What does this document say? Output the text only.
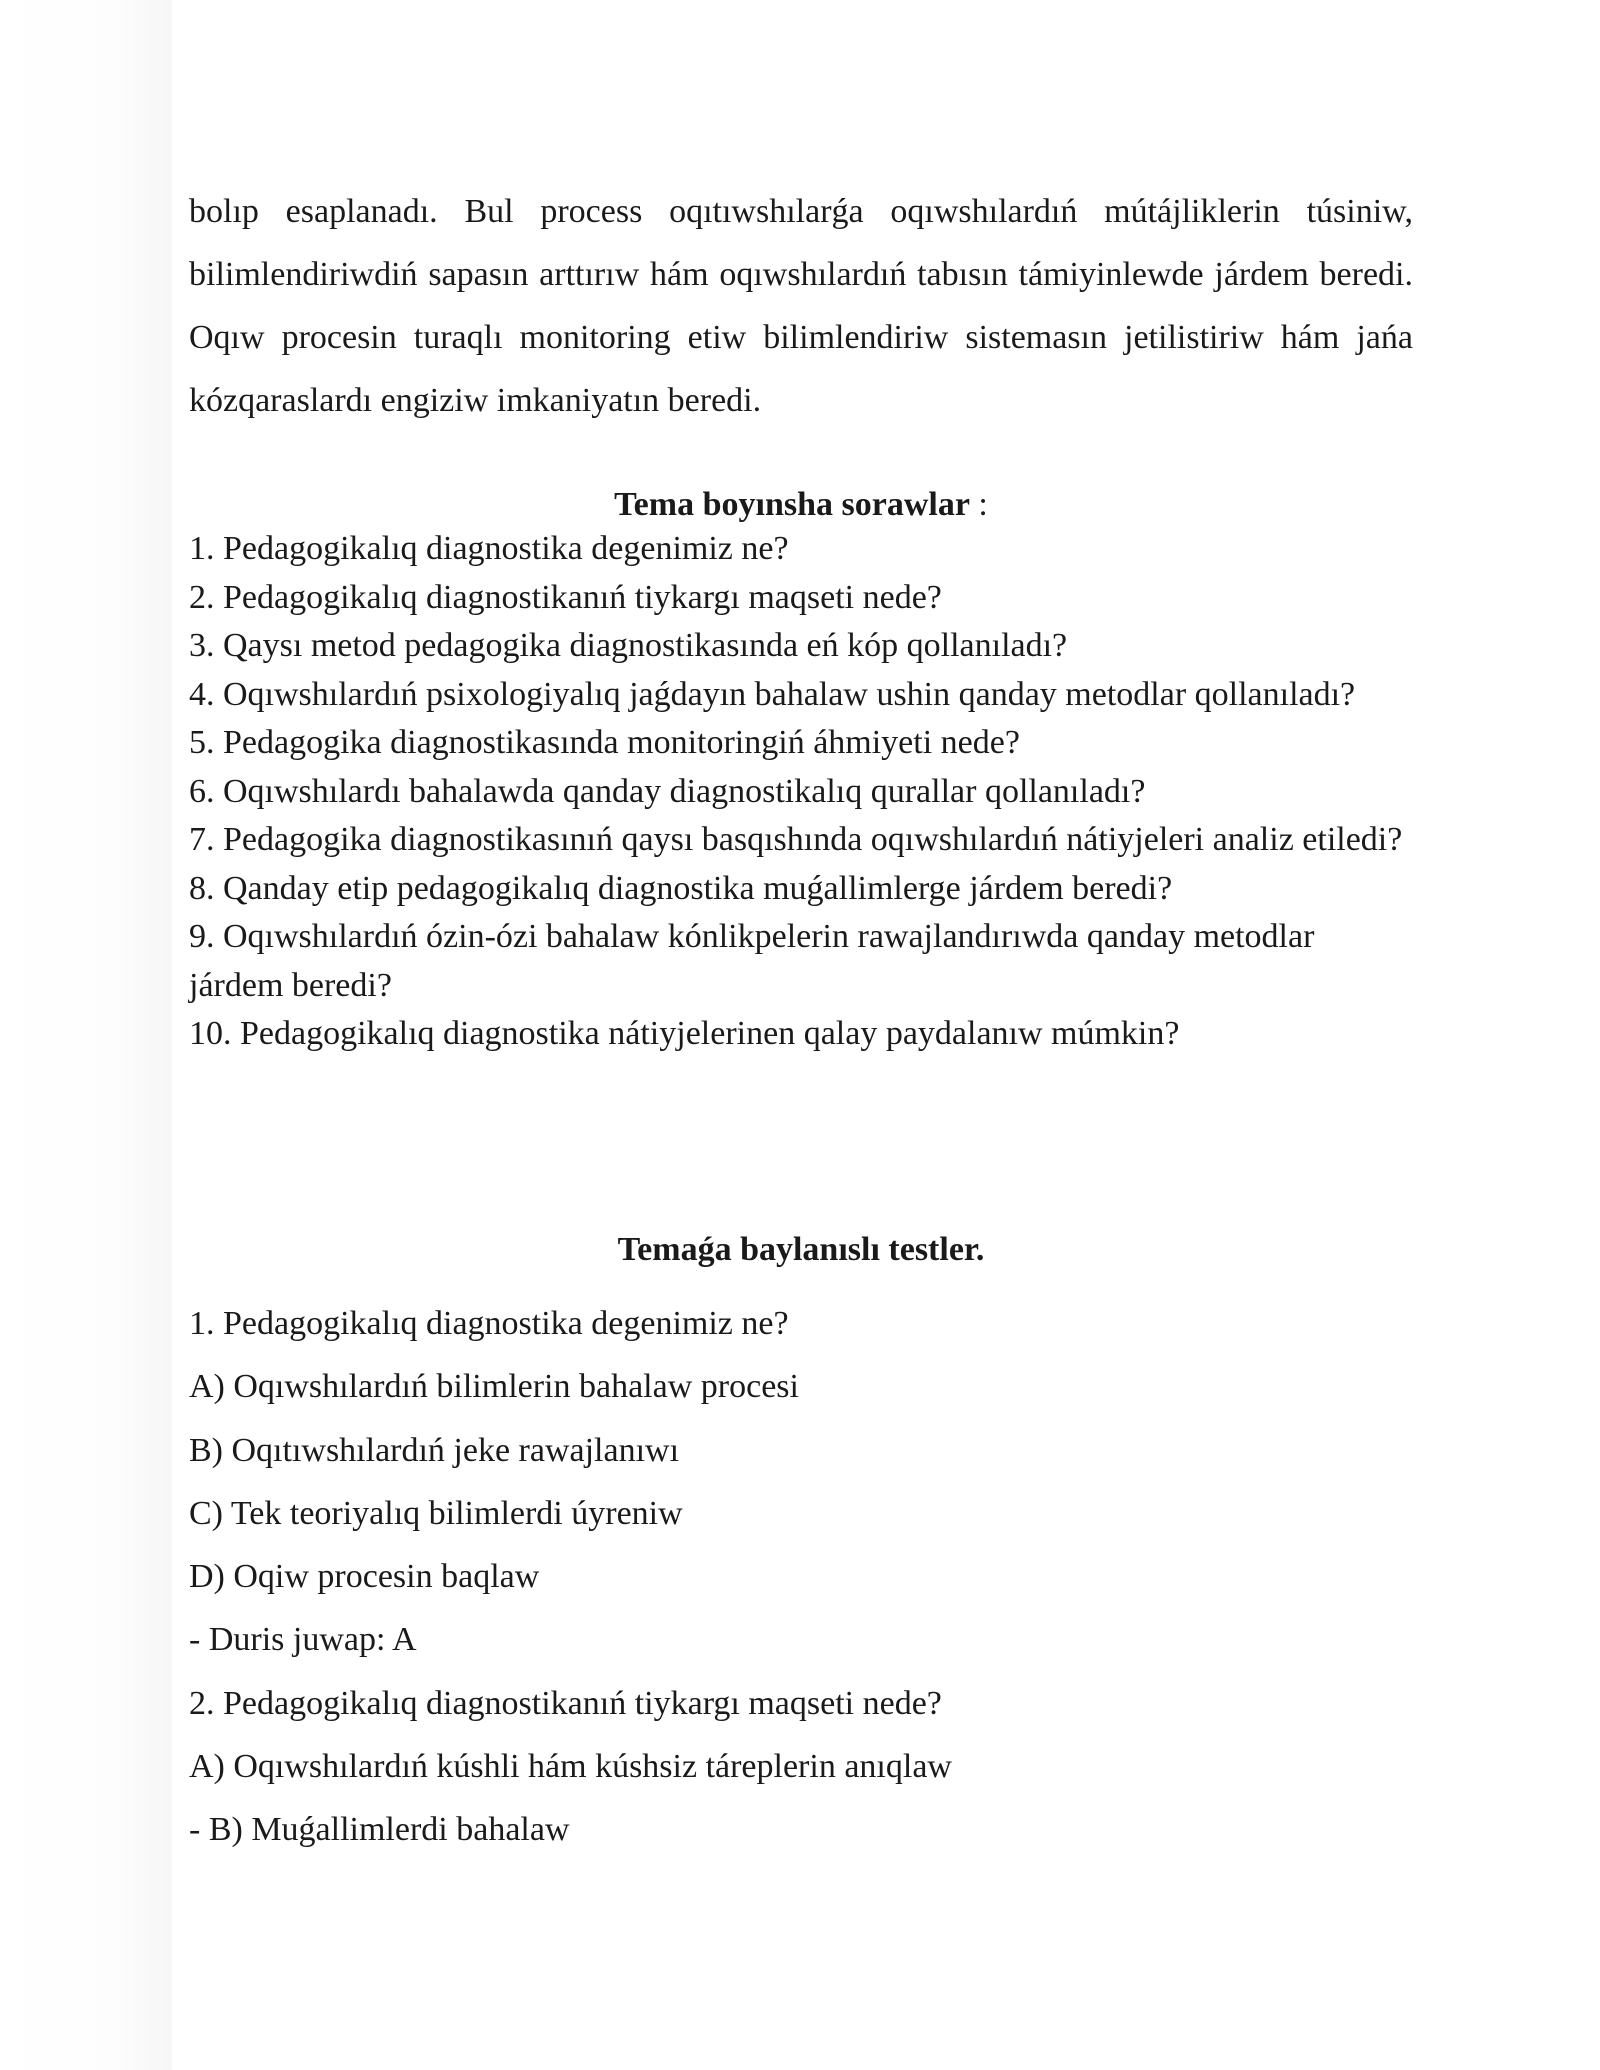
bolıp esaplanadı. Bul process oqıtıwshılarǵa oqıwshılardıń mútájliklerin túsiniw, bilimlendiriwdiń sapasın arttırıw hám oqıwshılardıń tabısın támiyinlewde járdem beredi. Oqıw procesin turaqlı monitoring etiw bilimlendiriw sistemasın jetilistiriw hám jańa kózqaraslardı engiziw imkaniyatın beredi.

Tema boyınsha sorawlar :
1. Pedagogikalıq diagnostika degenimiz ne?
2. Pedagogikalıq diagnostikanıń tiykargı maqseti nede?
3. Qaysı metod pedagogika diagnostikasında eń kóp qollanıladı?
4. Oqıwshılardıń psixologiyalıq jaǵdayın bahalaw ushin qanday metodlar qollanıladı?
5. Pedagogika diagnostikasında monitoringiń áhmiyeti nede?
6. Oqıwshılardı bahalawda qanday diagnostikalıq qurallar qollanıladı?
7. Pedagogika diagnostikasınıń qaysı basqıshında oqıwshılardıń nátiyjeleri analiz etiledi?
8. Qanday etip pedagogikalıq diagnostika muǵallimlerge járdem beredi?
9. Oqıwshılardıń ózin-ózi bahalaw kónlikpelerin rawajlandırıwda qanday metodlar járdem beredi?
10. Pedagogikalıq diagnostika nátiyjelerinen qalay paydalanıw múmkin?
Temaǵa baylanıslı testler.
1. Pedagogikalıq diagnostika degenimiz ne?
A) Oqıwshılardıń bilimlerin bahalaw procesi
B) Oqıtıwshılardıń jeke rawajlanıwı
C) Tek teoriyalıq bilimlerdi úyreniw
D) Oqiw procesin baqlaw
- Duris juwap: A
2. Pedagogikalıq diagnostikanıń tiykargı maqseti nede?
A) Oqıwshılardıń kúshli hám kúshsiz táreplerin anıqlaw
- B) Muǵallimlerdi bahalaw
